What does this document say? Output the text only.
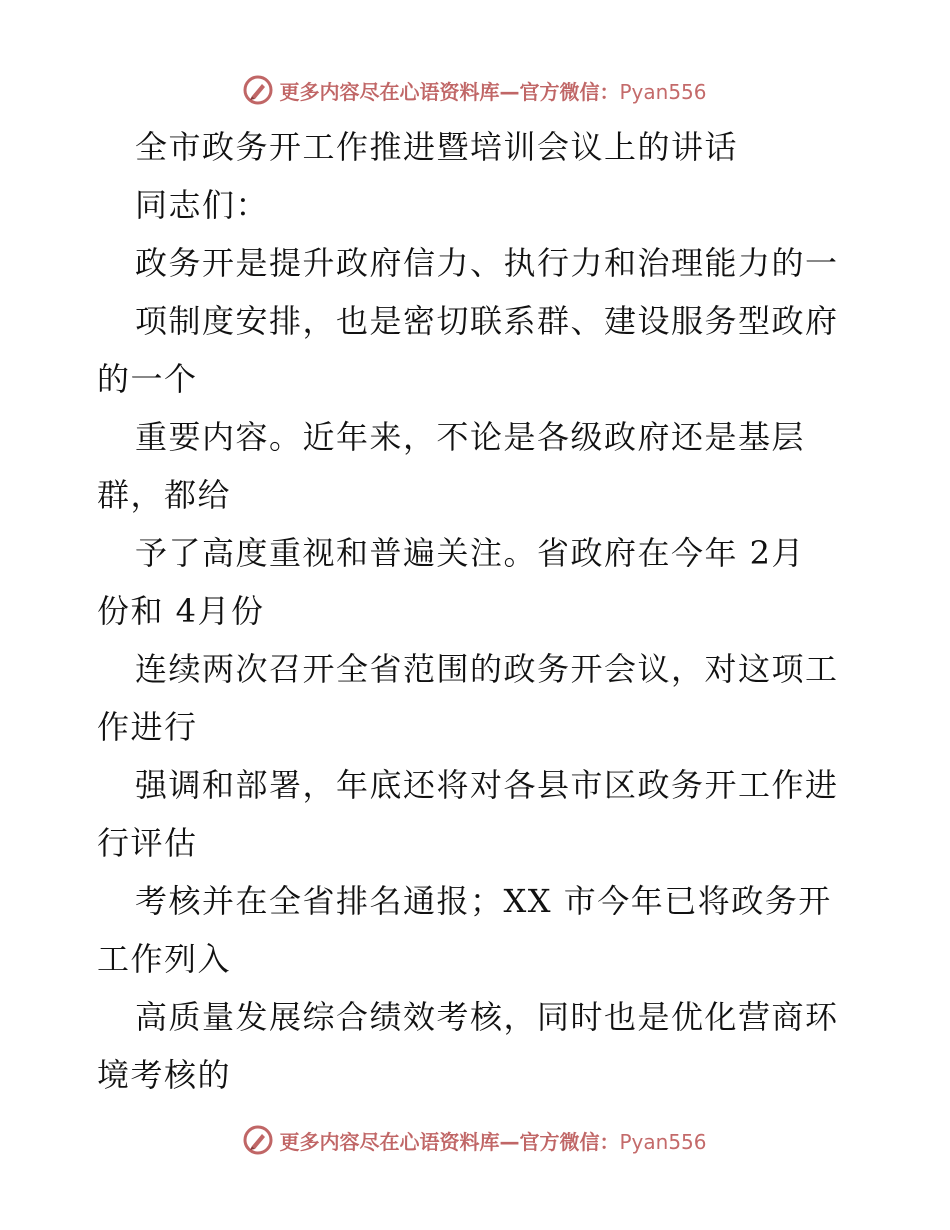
更多内容尽在心语资料库—官方微信：Pyan556
全市政务开工作推进暨培训会议上的讲话
同志们：
政务开是提升政府信力、执行力和治理能力的一
项制度安排，也是密切联系群、建设服务型政府
的一个
重要内容。近年来，不论是各级政府还是基层
群，都给
予了高度重视和普遍关注。省政府在今年 2月
份和 4月份
连续两次召开全省范围的政务开会议，对这项工
作进行
强调和部署，年底还将对各县市区政务开工作进
行评估
考核并在全省排名通报；XX 市今年已将政务开
工作列入
高质量发展综合绩效考核，同时也是优化营商环
境考核的
更多内容尽在心语资料库—官方微信：Pyan556
